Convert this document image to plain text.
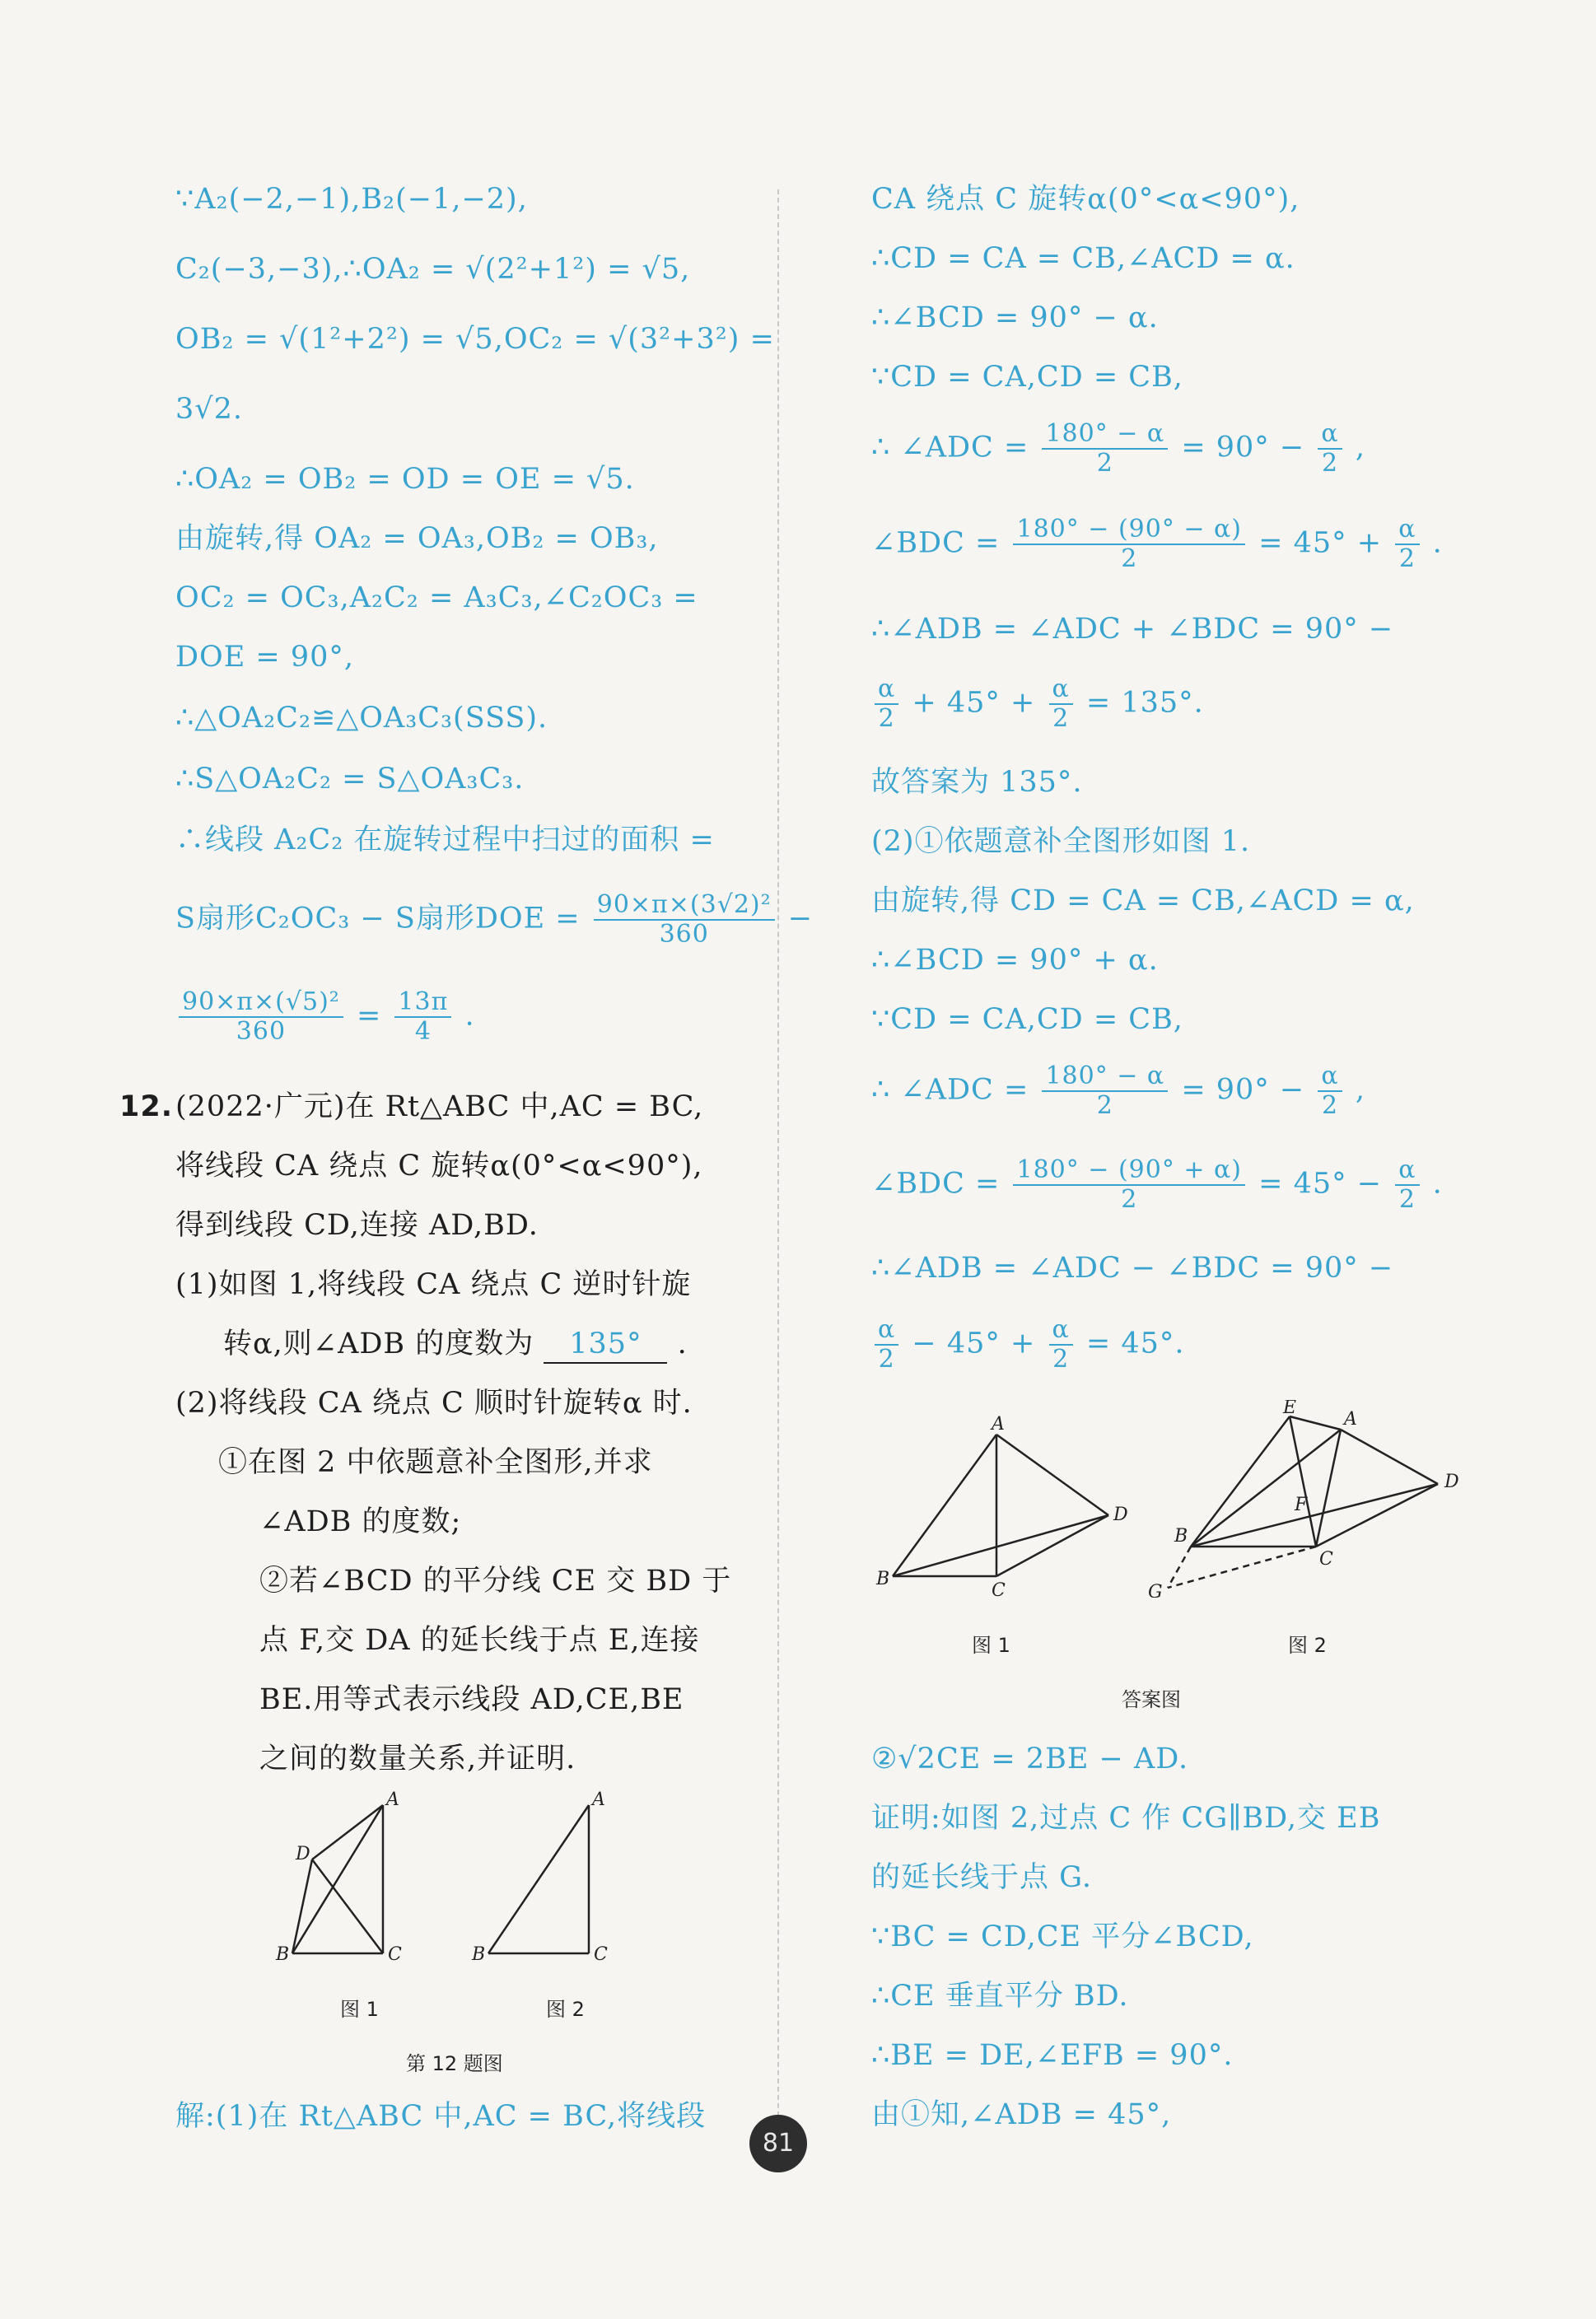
∵A₂(−2,−1),B₂(−1,−2),
C₂(−3,−3),∴OA₂ = √(2²+1²) = √5,
OB₂ = √(1²+2²) = √5,OC₂ = √(3²+3²) =
3√2.
∴OA₂ = OB₂ = OD = OE = √5.
由旋转,得 OA₂ = OA₃,OB₂ = OB₃,
OC₂ = OC₃,A₂C₂ = A₃C₃,∠C₂OC₃ =
DOE = 90°,
∴△OA₂C₂≌△OA₃C₃(SSS).
∴S△OA₂C₂ = S△OA₃C₃.
∴线段 A₂C₂ 在旋转过程中扫过的面积 =
S扇形C₂OC₃ − S扇形DOE = $\frac{\text{90×π×(3√2)²}}{360}$ −
$\frac{\text{90×π×(√5)²}}{360} = \frac{13\pi}{4}$ .
12. (2022·广元)在 Rt△ABC 中,AC = BC,
将线段 CA 绕点 C 旋转α(0°<α<90°),
得到线段 CD,连接 AD,BD.
(1)如图 1,将线段 CA 绕点 C 逆时针旋
转α,则∠ADB 的度数为 135° .
(2)将线段 CA 绕点 C 顺时针旋转α 时.
①在图 2 中依题意补全图形,并求
∠ADB 的度数;
②若∠BCD 的平分线 CE 交 BD 于
点 F,交 DA 的延长线于点 E,连接
BE.用等式表示线段 AD,CE,BE
之间的数量关系,并证明.
A
D
B	C
A
B	C
图 1	图 2
第 12 题图
解:(1)在 Rt△ABC 中,AC = BC,将线段
CA 绕点 C 旋转α(0°<α<90°),
∴CD = CA = CB,∠ACD = α.
∴∠BCD = 90° − α.
∵CD = CA,CD = CB,
∴ ∠ADC = $\frac{180^\circ - \alpha}{2} = 90^\circ - \frac{\alpha}{2}$ ,
∠BDC = $\frac{180^\circ - (90^\circ - \alpha)}{2} = 45^\circ + \frac{\alpha}{2}$ .
∴∠ADB = ∠ADC + ∠BDC = 90° −
$\frac{\alpha}{2} + 45^\circ + \frac{\alpha}{2} = 135^\circ$.
故答案为 135°.
(2)①依题意补全图形如图 1.
由旋转,得 CD = CA = CB,∠ACD = α,
∴∠BCD = 90° + α.
∵CD = CA,CD = CB,
∴ ∠ADC = $\frac{180^\circ - \alpha}{2} = 90^\circ - \frac{\alpha}{2}$ ,
∠BDC = $\frac{180^\circ - (90^\circ + \alpha)}{2} = 45^\circ - \frac{\alpha}{2}$ .
∴∠ADB = ∠ADC − ∠BDC = 90° −
$\frac{\alpha}{2} - 45^\circ + \frac{\alpha}{2} = 45^\circ$.
A
D
B
C
E
A
D
F
B
C
G
图 1	图 2
答案图
②√2CE = 2BE − AD.
证明:如图 2,过点 C 作 CG∥BD,交 EB
的延长线于点 G.
∵BC = CD,CE 平分∠BCD,
∴CE 垂直平分 BD.
∴BE = DE,∠EFB = 90°.
由①知,∠ADB = 45°,
81
